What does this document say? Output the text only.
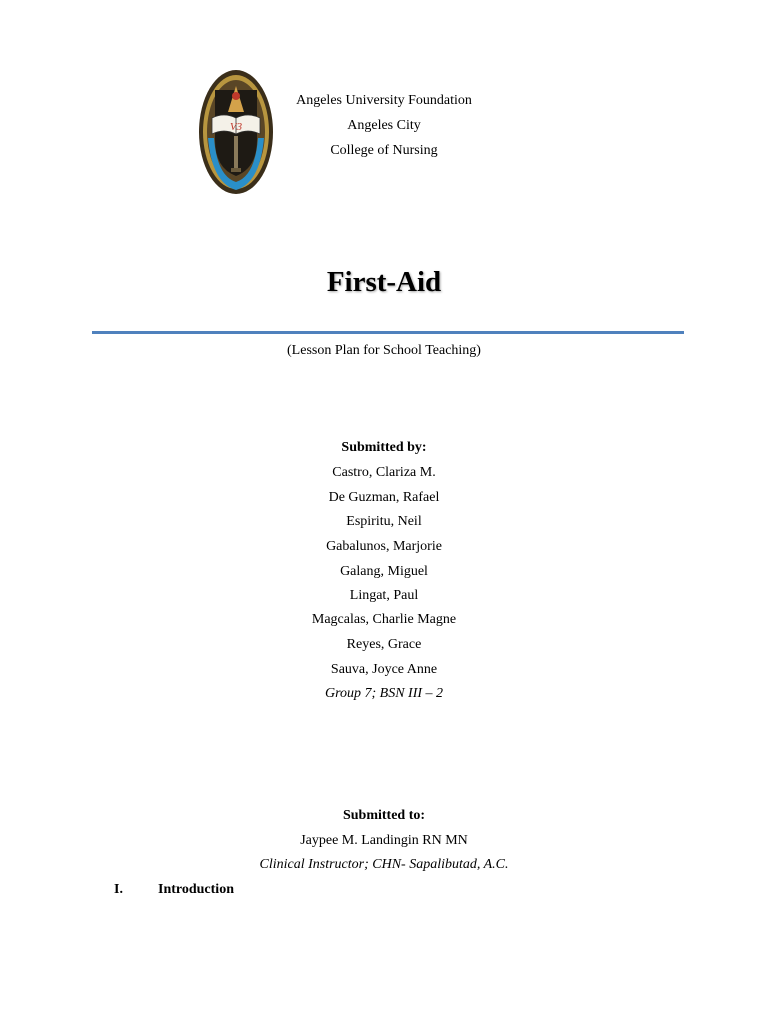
V3
Angeles University Foundation
Angeles City
College of Nursing
First-Aid
(Lesson Plan for School Teaching)
Submitted by:
Castro, Clariza M.
De Guzman, Rafael
Espiritu, Neil
Gabalunos, Marjorie
Galang, Miguel
Lingat, Paul
Magcalas, Charlie Magne
Reyes, Grace
Sauva, Joyce Anne
Group 7; BSN III – 2
Submitted to:
Jaypee M. Landingin RN MN
Clinical Instructor; CHN- Sapalibutad, A.C.
I.	Introduction
